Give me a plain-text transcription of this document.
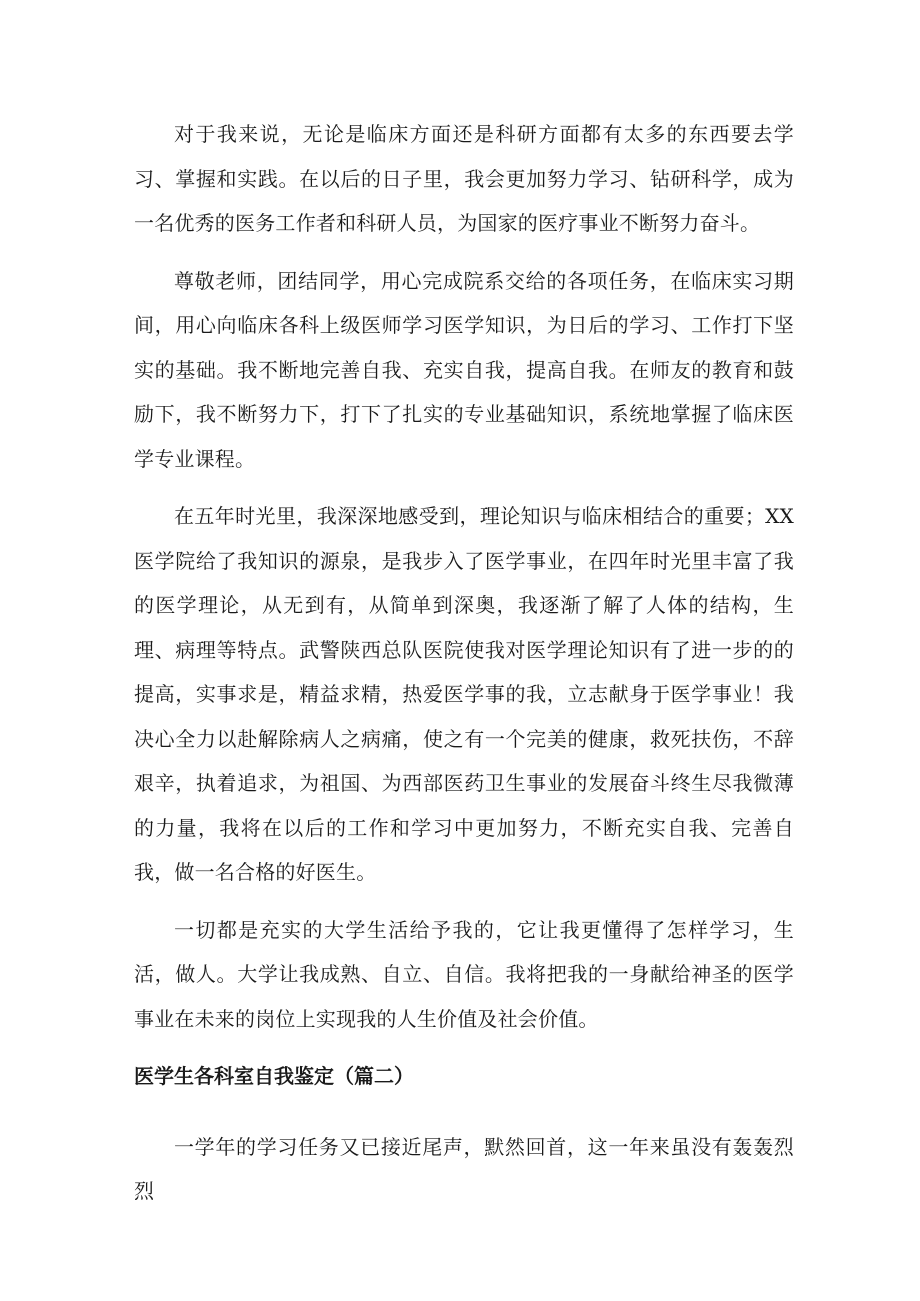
对于我来说，无论是临床方面还是科研方面都有太多的东西要去学习、掌握和实践。在以后的日子里，我会更加努力学习、钻研科学，成为一名优秀的医务工作者和科研人员，为国家的医疗事业不断努力奋斗。

尊敬老师，团结同学，用心完成院系交给的各项任务，在临床实习期间，用心向临床各科上级医师学习医学知识，为日后的学习、工作打下坚实的基础。我不断地完善自我、充实自我，提高自我。在师友的教育和鼓励下，我不断努力下，打下了扎实的专业基础知识，系统地掌握了临床医学专业课程。

在五年时光里，我深深地感受到，理论知识与临床相结合的重要；XX医学院给了我知识的源泉，是我步入了医学事业，在四年时光里丰富了我的医学理论，从无到有，从简单到深奥，我逐渐了解了人体的结构，生理、病理等特点。武警陕西总队医院使我对医学理论知识有了进一步的的提高，实事求是，精益求精，热爱医学事的我，立志献身于医学事业！我决心全力以赴解除病人之病痛，使之有一个完美的健康，救死扶伤，不辞艰辛，执着追求，为祖国、为西部医药卫生事业的发展奋斗终生尽我微薄的力量，我将在以后的工作和学习中更加努力，不断充实自我、完善自我，做一名合格的好医生。

一切都是充实的大学生活给予我的，它让我更懂得了怎样学习，生活，做人。大学让我成熟、自立、自信。我将把我的一身献给神圣的医学事业在未来的岗位上实现我的人生价值及社会价值。

医学生各科室自我鉴定（篇二）

一学年的学习任务又已接近尾声，默然回首，这一年来虽没有轰轰烈烈
